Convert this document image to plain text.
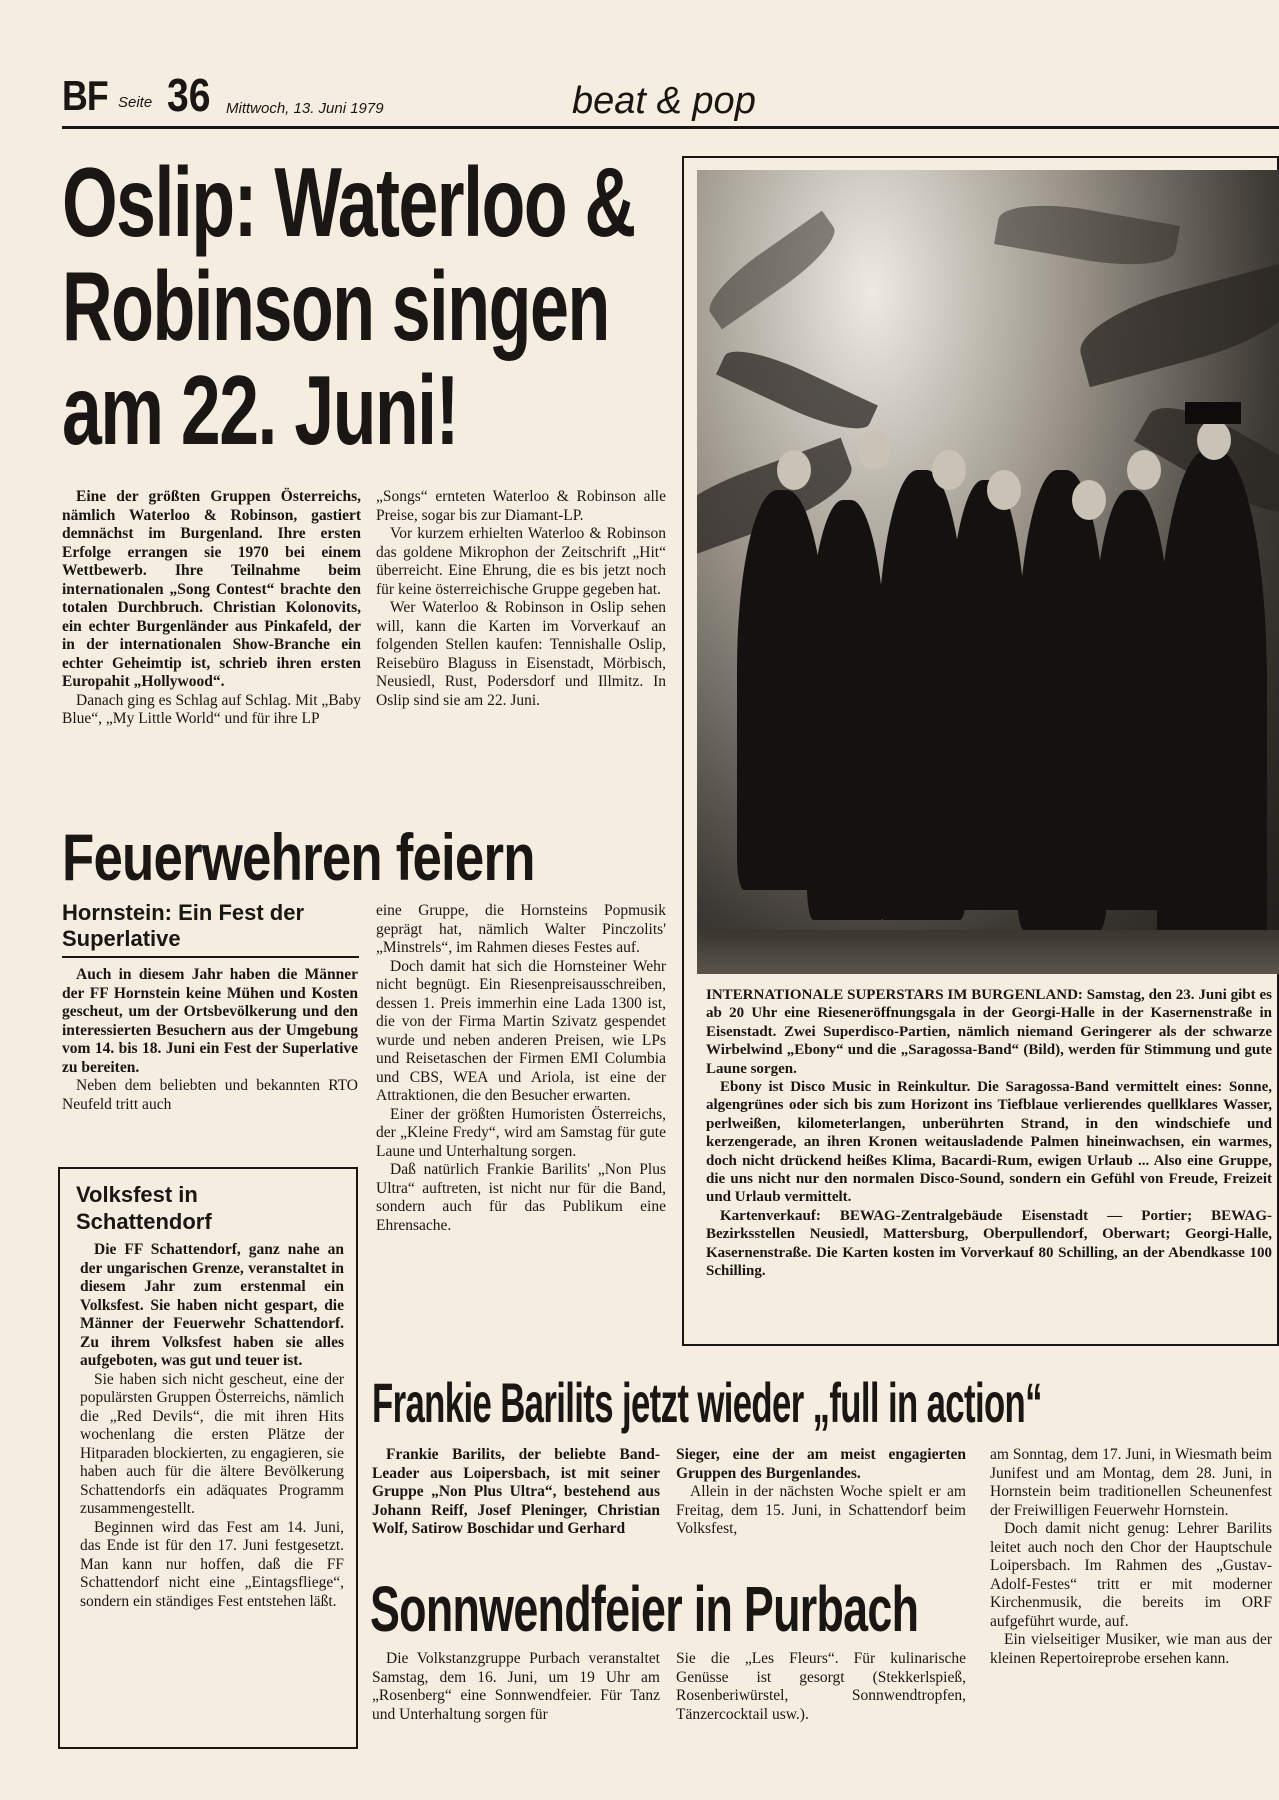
BF Seite 36 Mittwoch, 13. Juni 1979	beat & pop
Oslip: Waterloo &
Robinson singen
am 22. Juni!

Eine der größten Gruppen Österreichs, nämlich Waterloo & Robinson, gastiert demnächst im Burgenland. Ihre ersten Erfolge errangen sie 1970 bei einem Wettbewerb. Ihre Teilnahme beim internationalen „Song Contest“ brachte den totalen Durchbruch. Christian Kolonovits, ein echter Burgenländer aus Pinkafeld, der in der internationalen Show-Branche ein echter Geheimtip ist, schrieb ihren ersten Europahit „Hollywood“.

Danach ging es Schlag auf Schlag. Mit „Baby Blue“, „My Little World“ und für ihre LP

„Songs“ ernteten Waterloo & Robinson alle Preise, sogar bis zur Diamant-LP.

Vor kurzem erhielten Waterloo & Robinson das goldene Mikrophon der Zeitschrift „Hit“ überreicht. Eine Ehrung, die es bis jetzt noch für keine österreichische Gruppe gegeben hat.

Wer Waterloo & Robinson in Oslip sehen will, kann die Karten im Vorverkauf an folgenden Stellen kaufen: Tennishalle Oslip, Reisebüro Blaguss in Eisenstadt, Mörbisch, Neusiedl, Rust, Podersdorf und Illmitz. In Oslip sind sie am 22. Juni.

INTERNATIONALE SUPERSTARS IM BURGENLAND: Samstag, den 23. Juni gibt es ab 20 Uhr eine Rieseneröffnungsgala in der Georgi-Halle in der Kasernenstraße in Eisenstadt. Zwei Superdisco-Partien, nämlich niemand Geringerer als der schwarze Wirbelwind „Ebony“ und die „Saragossa-Band“ (Bild), werden für Stimmung und gute Laune sorgen.

Ebony ist Disco Music in Reinkultur. Die Saragossa-Band vermittelt eines: Sonne, algengrünes oder sich bis zum Horizont ins Tiefblaue verlierendes quellklares Wasser, perlweißen, kilometerlangen, unberührten Strand, in den windschiefe und kerzengerade, an ihren Kronen weitausladende Palmen hineinwachsen, ein warmes, doch nicht drückend heißes Klima, Bacardi-Rum, ewigen Urlaub ... Also eine Gruppe, die uns nicht nur den normalen Disco-Sound, sondern ein Gefühl von Freude, Freizeit und Urlaub vermittelt.

Kartenverkauf: BEWAG-Zentralgebäude Eisenstadt — Portier; BEWAG-Bezirksstellen Neusiedl, Mattersburg, Oberpullendorf, Oberwart; Georgi-Halle, Kasernenstraße. Die Karten kosten im Vorverkauf 80 Schilling, an der Abendkasse 100 Schilling.

Feuerwehren feiern
Hornstein: Ein Fest der Superlative

Auch in diesem Jahr haben die Männer der FF Hornstein keine Mühen und Kosten gescheut, um der Ortsbevölkerung und den interessierten Besuchern aus der Umgebung vom 14. bis 18. Juni ein Fest der Superlative zu bereiten.

Neben dem beliebten und bekannten RTO Neufeld tritt auch

eine Gruppe, die Hornsteins Popmusik geprägt hat, nämlich Walter Pinczolits' „Minstrels“, im Rahmen dieses Festes auf.

Doch damit hat sich die Hornsteiner Wehr nicht begnügt. Ein Riesenpreisausschreiben, dessen 1. Preis immerhin eine Lada 1300 ist, die von der Firma Martin Szivatz gespendet wurde und neben anderen Preisen, wie LPs und Reisetaschen der Firmen EMI Columbia und CBS, WEA und Ariola, ist eine der Attraktionen, die den Besucher erwarten.

Einer der größten Humoristen Österreichs, der „Kleine Fredy“, wird am Samstag für gute Laune und Unterhaltung sorgen.

Daß natürlich Frankie Barilits' „Non Plus Ultra“ auftreten, ist nicht nur für die Band, sondern auch für das Publikum eine Ehrensache.

Volksfest in Schattendorf

Die FF Schattendorf, ganz nahe an der ungarischen Grenze, veranstaltet in diesem Jahr zum erstenmal ein Volksfest. Sie haben nicht gespart, die Männer der Feuerwehr Schattendorf. Zu ihrem Volksfest haben sie alles aufgeboten, was gut und teuer ist.

Sie haben sich nicht gescheut, eine der populärsten Gruppen Österreichs, nämlich die „Red Devils“, die mit ihren Hits wochenlang die ersten Plätze der Hitparaden blockierten, zu engagieren, sie haben auch für die ältere Bevölkerung Schattendorfs ein adäquates Programm zusammengestellt.

Beginnen wird das Fest am 14. Juni, das Ende ist für den 17. Juni festgesetzt. Man kann nur hoffen, daß die FF Schattendorf nicht eine „Eintagsfliege“, sondern ein ständiges Fest entstehen läßt.

Frankie Barilits jetzt wieder „full in action“

Frankie Barilits, der beliebte Band-Leader aus Loipersbach, ist mit seiner Gruppe „Non Plus Ultra“, bestehend aus Johann Reiff, Josef Pleninger, Christian Wolf, Satirow Boschidar und Gerhard

Sieger, eine der am meist engagierten Gruppen des Burgenlandes.

Allein in der nächsten Woche spielt er am Freitag, dem 15. Juni, in Schattendorf beim Volksfest,

am Sonntag, dem 17. Juni, in Wiesmath beim Junifest und am Montag, dem 28. Juni, in Hornstein beim traditionellen Scheunenfest der Freiwilligen Feuerwehr Hornstein.

Doch damit nicht genug: Lehrer Barilits leitet auch noch den Chor der Hauptschule Loipersbach. Im Rahmen des „Gustav-Adolf-Festes“ tritt er mit moderner Kirchenmusik, die bereits im ORF aufgeführt wurde, auf.

Ein vielseitiger Musiker, wie man aus der kleinen Repertoireprobe ersehen kann.

Sonnwendfeier in Purbach

Die Volkstanzgruppe Purbach veranstaltet Samstag, dem 16. Juni, um 19 Uhr am „Rosenberg“ eine Sonnwendfeier. Für Tanz und Unterhaltung sorgen für

Sie die „Les Fleurs“. Für kulinarische Genüsse ist gesorgt (Stekkerlspieß, Rosenberiwürstel, Sonnwendtropfen, Tänzercocktail usw.).
